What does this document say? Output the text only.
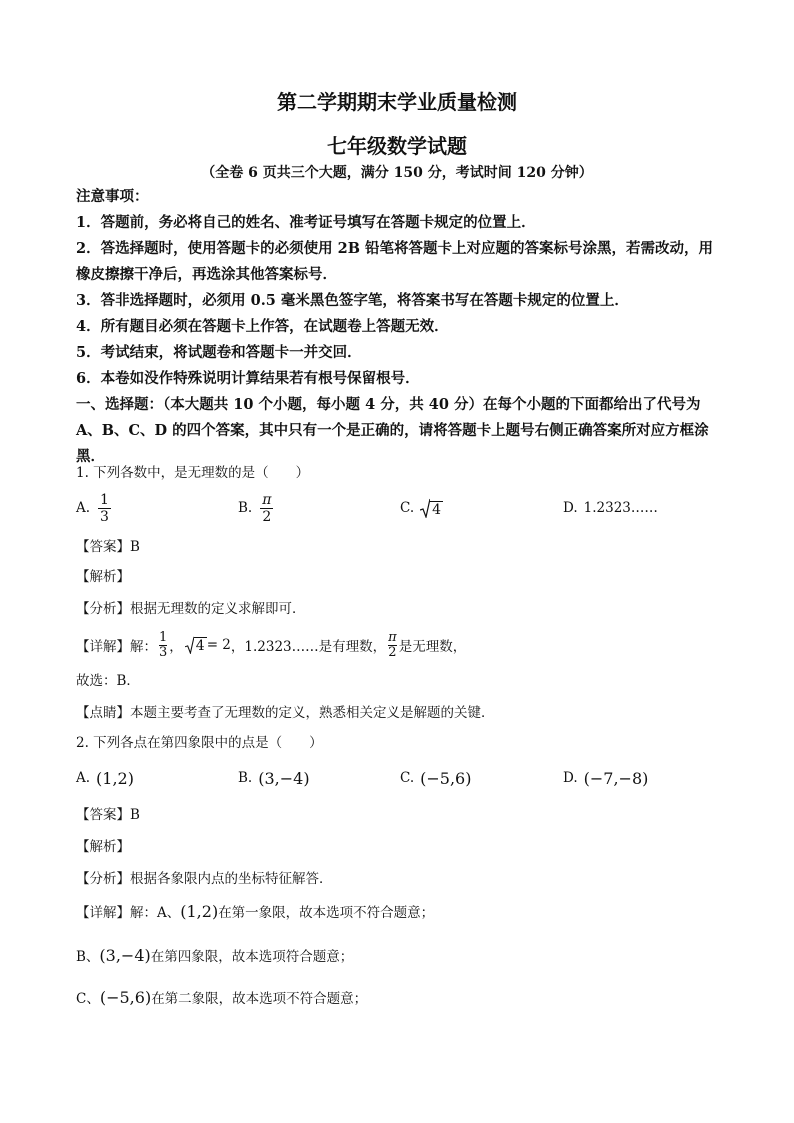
第二学期期末学业质量检测
七年级数学试题
（全卷 6 页共三个大题，满分 150 分，考试时间 120 分钟）
注意事项：
1．答题前，务必将自己的姓名、准考证号填写在答题卡规定的位置上．
2．答选择题时，使用答题卡的必须使用 2B 铅笔将答题卡上对应题的答案标号涂黑，若需改动，用橡皮擦擦干净后，再选涂其他答案标号．
3．答非选择题时，必须用 0.5 毫米黑色签字笔，将答案书写在答题卡规定的位置上．
4．所有题目必须在答题卡上作答，在试题卷上答题无效．
5．考试结束，将试题卷和答题卡一并交回．
6．本卷如没作特殊说明计算结果若有根号保留根号．
一、选择题：（本大题共 10 个小题，每小题 4 分，共 40 分）在每个小题的下面都给出了代号为 A、B、C、D 的四个答案，其中只有一个是正确的，请将答题卡上题号右侧正确答案所对应方框涂黑．
1. 下列各数中，是无理数的是（　　）
A. $\frac{1}{3}$	B. $\frac{\pi}{2}$	C. 4	D. 1.2323……
【答案】B
【解析】
【分析】根据无理数的定义求解即可．
【详解】解： $\frac{1}{3}$ ， 4 = 2 ， 1.2323……是有理数， $\frac{\pi}{2}$ 是无理数，
故选：B．
【点睛】本题主要考查了无理数的定义，熟悉相关定义是解题的关键．
2. 下列各点在第四象限中的点是（　　）
A. (1,2)	B. (3,−4)	C. (−5,6)	D. (−7,−8)
【答案】B
【解析】
【分析】根据各象限内点的坐标特征解答．
【详解】解：A、 (1,2) 在第一象限，故本选项不符合题意；
B、 (3,−4) 在第四象限，故本选项符合题意；
C、 (−5,6) 在第二象限，故本选项不符合题意；
